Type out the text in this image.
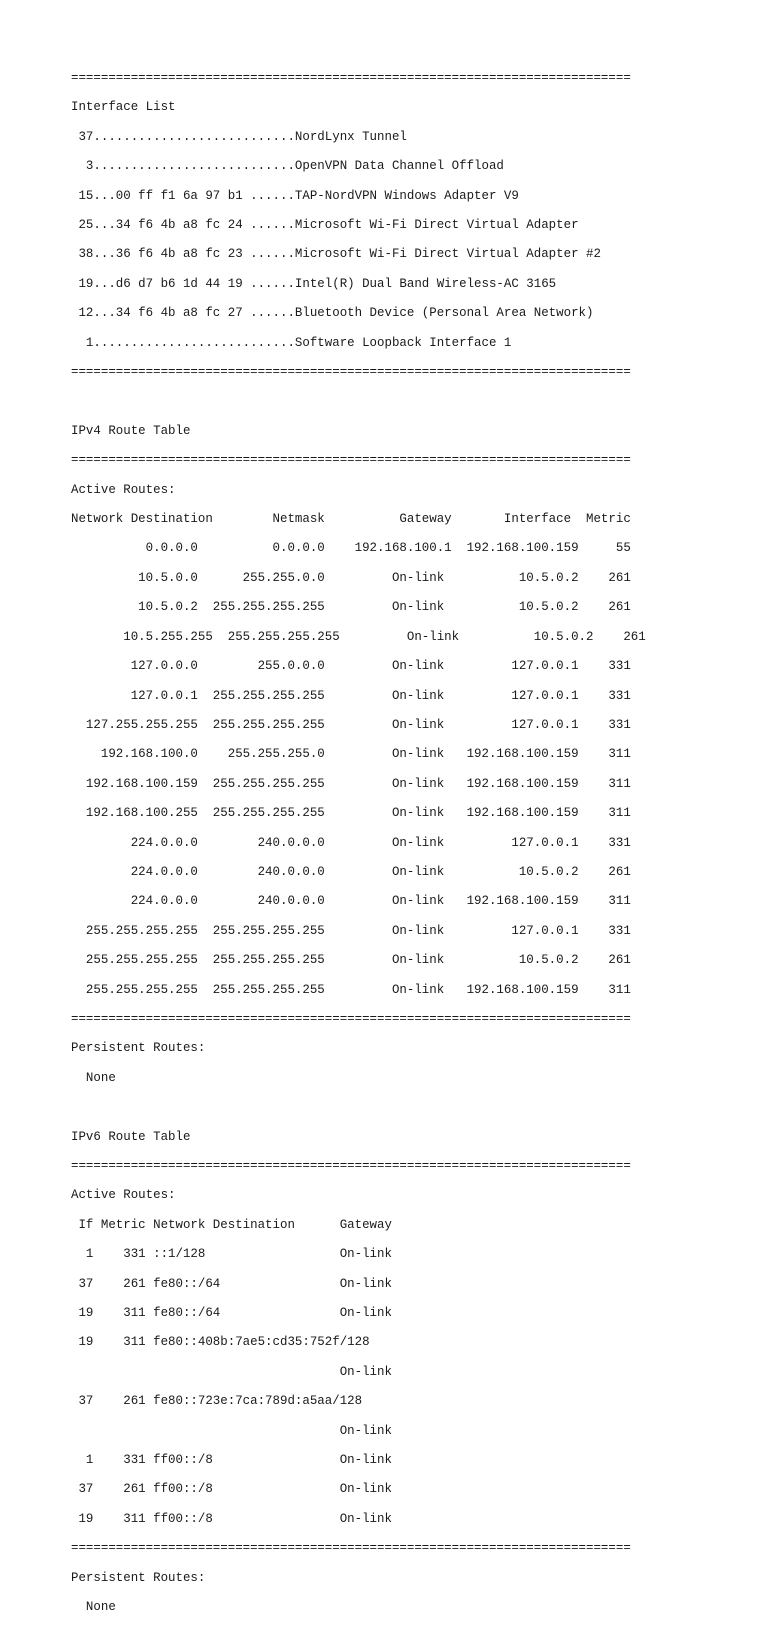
===========================================================================

Interface List

37...........................NordLynx Tunnel

3...........................OpenVPN Data Channel Offload

15...00 ff f1 6a 97 b1 ......TAP-NordVPN Windows Adapter V9

25...34 f6 4b a8 fc 24 ......Microsoft Wi-Fi Direct Virtual Adapter

38...36 f6 4b a8 fc 23 ......Microsoft Wi-Fi Direct Virtual Adapter #2

19...d6 d7 b6 1d 44 19 ......Intel(R) Dual Band Wireless-AC 3165

12...34 f6 4b a8 fc 27 ......Bluetooth Device (Personal Area Network)

1...........................Software Loopback Interface 1

===========================================================================

IPv4 Route Table

===========================================================================

Active Routes:

Network Destination        Netmask          Gateway       Interface  Metric

0.0.0.0          0.0.0.0    192.168.100.1  192.168.100.159     55

10.5.0.0      255.255.0.0         On-link          10.5.0.2    261

10.5.0.2  255.255.255.255         On-link          10.5.0.2    261

10.5.255.255  255.255.255.255         On-link          10.5.0.2    261

127.0.0.0        255.0.0.0         On-link         127.0.0.1    331

127.0.0.1  255.255.255.255         On-link         127.0.0.1    331

127.255.255.255  255.255.255.255         On-link         127.0.0.1    331

192.168.100.0    255.255.255.0         On-link   192.168.100.159    311

192.168.100.159  255.255.255.255         On-link   192.168.100.159    311

192.168.100.255  255.255.255.255         On-link   192.168.100.159    311

224.0.0.0        240.0.0.0         On-link         127.0.0.1    331

224.0.0.0        240.0.0.0         On-link          10.5.0.2    261

224.0.0.0        240.0.0.0         On-link   192.168.100.159    311

255.255.255.255  255.255.255.255         On-link         127.0.0.1    331

255.255.255.255  255.255.255.255         On-link          10.5.0.2    261

255.255.255.255  255.255.255.255         On-link   192.168.100.159    311

===========================================================================

Persistent Routes:

None

IPv6 Route Table

===========================================================================

Active Routes:

If Metric Network Destination      Gateway

1    331 ::1/128                  On-link

37    261 fe80::/64                On-link

19    311 fe80::/64                On-link

19    311 fe80::408b:7ae5:cd35:752f/128

On-link

37    261 fe80::723e:7ca:789d:a5aa/128

On-link

1    331 ff00::/8                 On-link

37    261 ff00::/8                 On-link

19    311 ff00::/8                 On-link

===========================================================================

Persistent Routes:

None
